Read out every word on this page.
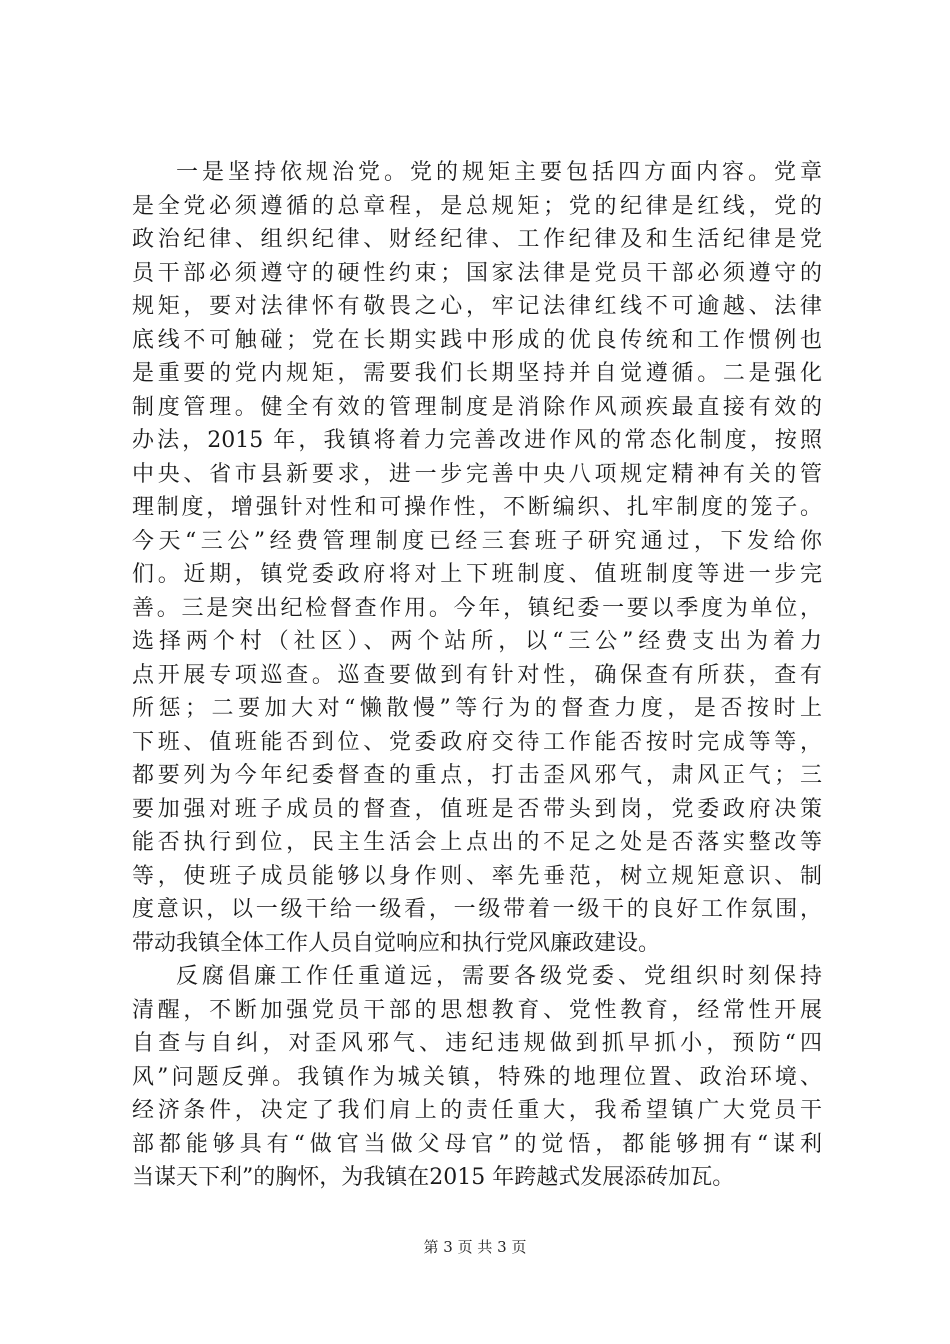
一是坚持依规治党。党的规矩主要包括四方面内容。党章
是全党必须遵循的总章程，是总规矩；党的纪律是红线，党的
政治纪律、组织纪律、财经纪律、工作纪律及和生活纪律是党
员干部必须遵守的硬性约束；国家法律是党员干部必须遵守的
规矩，要对法律怀有敬畏之心，牢记法律红线不可逾越、法律
底线不可触碰；党在长期实践中形成的优良传统和工作惯例也
是重要的党内规矩，需要我们长期坚持并自觉遵循。二是强化
制度管理。健全有效的管理制度是消除作风顽疾最直接有效的
办法，2015 年，我镇将着力完善改进作风的常态化制度，按照
中央、省市县新要求，进一步完善中央八项规定精神有关的管
理制度，增强针对性和可操作性，不断编织、扎牢制度的笼子。
今天“三公”经费管理制度已经三套班子研究通过，下发给你
们。近期，镇党委政府将对上下班制度、值班制度等进一步完
善。三是突出纪检督查作用。今年，镇纪委一要以季度为单位，
选择两个村（社区）、两个站所，以“三公”经费支出为着力
点开展专项巡查。巡查要做到有针对性，确保查有所获，查有
所惩；二要加大对“懒散慢”等行为的督查力度，是否按时上
下班、值班能否到位、党委政府交待工作能否按时完成等等，
都要列为今年纪委督查的重点，打击歪风邪气，肃风正气；三
要加强对班子成员的督查，值班是否带头到岗，党委政府决策
能否执行到位，民主生活会上点出的不足之处是否落实整改等
等，使班子成员能够以身作则、率先垂范，树立规矩意识、制
度意识，以一级干给一级看，一级带着一级干的良好工作氛围，
带动我镇全体工作人员自觉响应和执行党风廉政建设。
反腐倡廉工作任重道远，需要各级党委、党组织时刻保持
清醒，不断加强党员干部的思想教育、党性教育，经常性开展
自查与自纠，对歪风邪气、违纪违规做到抓早抓小，预防“四
风”问题反弹。我镇作为城关镇，特殊的地理位置、政治环境、
经济条件，决定了我们肩上的责任重大，我希望镇广大党员干
部都能够具有“做官当做父母官”的觉悟，都能够拥有“谋利
当谋天下利”的胸怀，为我镇在2015 年跨越式发展添砖加瓦。
第 3 页 共 3 页
